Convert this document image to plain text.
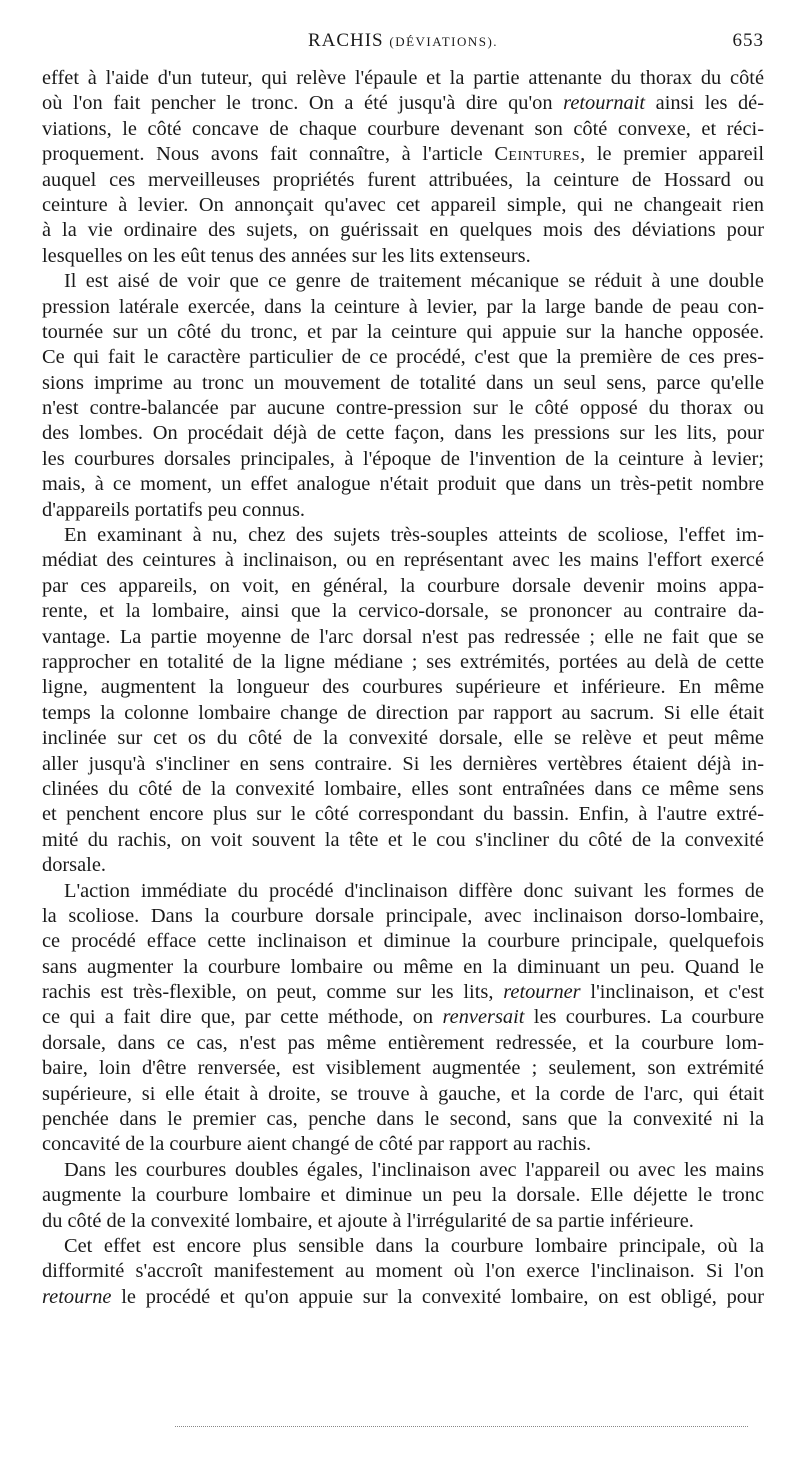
RACHIS (DÉVIATIONS).	653
effet à l'aide d'un tuteur, qui relève l'épaule et la partie attenante du thorax du côté
où l'on fait pencher le tronc. On a été jusqu'à dire qu'on retournait ainsi les dé-
viations, le côté concave de chaque courbure devenant son côté convexe, et réci-
proquement. Nous avons fait connaître, à l'article Ceintures, le premier appareil
auquel ces merveilleuses propriétés furent attribuées, la ceinture de Hossard ou
ceinture à levier. On annonçait qu'avec cet appareil simple, qui ne changeait rien
à la vie ordinaire des sujets, on guérissait en quelques mois des déviations pour
lesquelles on les eût tenus des années sur les lits extenseurs.
Il est aisé de voir que ce genre de traitement mécanique se réduit à une double
pression latérale exercée, dans la ceinture à levier, par la large bande de peau con-
tournée sur un côté du tronc, et par la ceinture qui appuie sur la hanche opposée.
Ce qui fait le caractère particulier de ce procédé, c'est que la première de ces pres-
sions imprime au tronc un mouvement de totalité dans un seul sens, parce qu'elle
n'est contre-balancée par aucune contre-pression sur le côté opposé du thorax ou
des lombes. On procédait déjà de cette façon, dans les pressions sur les lits, pour
les courbures dorsales principales, à l'époque de l'invention de la ceinture à levier;
mais, à ce moment, un effet analogue n'était produit que dans un très-petit nombre
d'appareils portatifs peu connus.
En examinant à nu, chez des sujets très-souples atteints de scoliose, l'effet im-
médiat des ceintures à inclinaison, ou en représentant avec les mains l'effort exercé
par ces appareils, on voit, en général, la courbure dorsale devenir moins appa-
rente, et la lombaire, ainsi que la cervico-dorsale, se prononcer au contraire da-
vantage. La partie moyenne de l'arc dorsal n'est pas redressée ; elle ne fait que se
rapprocher en totalité de la ligne médiane ; ses extrémités, portées au delà de cette
ligne, augmentent la longueur des courbures supérieure et inférieure. En même
temps la colonne lombaire change de direction par rapport au sacrum. Si elle était
inclinée sur cet os du côté de la convexité dorsale, elle se relève et peut même
aller jusqu'à s'incliner en sens contraire. Si les dernières vertèbres étaient déjà in-
clinées du côté de la convexité lombaire, elles sont entraînées dans ce même sens
et penchent encore plus sur le côté correspondant du bassin. Enfin, à l'autre extré-
mité du rachis, on voit souvent la tête et le cou s'incliner du côté de la convexité
dorsale.
L'action immédiate du procédé d'inclinaison diffère donc suivant les formes de
la scoliose. Dans la courbure dorsale principale, avec inclinaison dorso-lombaire,
ce procédé efface cette inclinaison et diminue la courbure principale, quelquefois
sans augmenter la courbure lombaire ou même en la diminuant un peu. Quand le
rachis est très-flexible, on peut, comme sur les lits, retourner l'inclinaison, et c'est
ce qui a fait dire que, par cette méthode, on renversait les courbures. La courbure
dorsale, dans ce cas, n'est pas même entièrement redressée, et la courbure lom-
baire, loin d'être renversée, est visiblement augmentée ; seulement, son extrémité
supérieure, si elle était à droite, se trouve à gauche, et la corde de l'arc, qui était
penchée dans le premier cas, penche dans le second, sans que la convexité ni la
concavité de la courbure aient changé de côté par rapport au rachis.
Dans les courbures doubles égales, l'inclinaison avec l'appareil ou avec les mains
augmente la courbure lombaire et diminue un peu la dorsale. Elle déjette le tronc
du côté de la convexité lombaire, et ajoute à l'irrégularité de sa partie inférieure.
Cet effet est encore plus sensible dans la courbure lombaire principale, où la
difformité s'accroît manifestement au moment où l'on exerce l'inclinaison. Si l'on
retourne le procédé et qu'on appuie sur la convexité lombaire, on est obligé, pour
